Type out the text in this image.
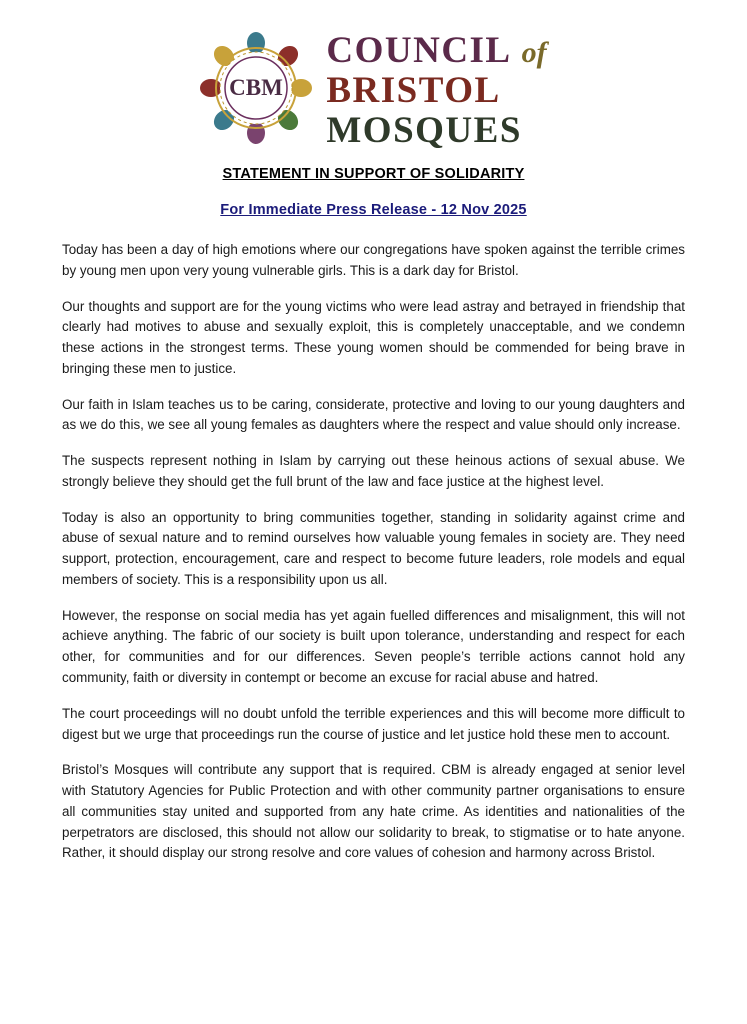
CBM
COUNCIL of
BRISTOL
MOSQUES
STATEMENT IN SUPPORT OF SOLIDARITY
For Immediate Press Release - 12 Nov 2025

Today has been a day of high emotions where our congregations have spoken against the terrible crimes by young men upon very young vulnerable girls. This is a dark day for Bristol.

Our thoughts and support are for the young victims who were lead astray and betrayed in friendship that clearly had motives to abuse and sexually exploit, this is completely unacceptable, and we condemn these actions in the strongest terms. These young women should be commended for being brave in bringing these men to justice.

Our faith in Islam teaches us to be caring, considerate, protective and loving to our young daughters and as we do this, we see all young females as daughters where the respect and value should only increase.

The suspects represent nothing in Islam by carrying out these heinous actions of sexual abuse. We strongly believe they should get the full brunt of the law and face justice at the highest level.

Today is also an opportunity to bring communities together, standing in solidarity against crime and abuse of sexual nature and to remind ourselves how valuable young females in society are. They need support, protection, encouragement, care and respect to become future leaders, role models and equal members of society. This is a responsibility upon us all.

However, the response on social media has yet again fuelled differences and misalignment, this will not achieve anything. The fabric of our society is built upon tolerance, understanding and respect for each other, for communities and for our differences. Seven people’s terrible actions cannot hold any community, faith or diversity in contempt or become an excuse for racial abuse and hatred.

The court proceedings will no doubt unfold the terrible experiences and this will become more difficult to digest but we urge that proceedings run the course of justice and let justice hold these men to account.

Bristol’s Mosques will contribute any support that is required. CBM is already engaged at senior level with Statutory Agencies for Public Protection and with other community partner organisations to ensure all communities stay united and supported from any hate crime. As identities and nationalities of the perpetrators are disclosed, this should not allow our solidarity to break, to stigmatise or to hate anyone. Rather, it should display our strong resolve and core values of cohesion and harmony across Bristol.
